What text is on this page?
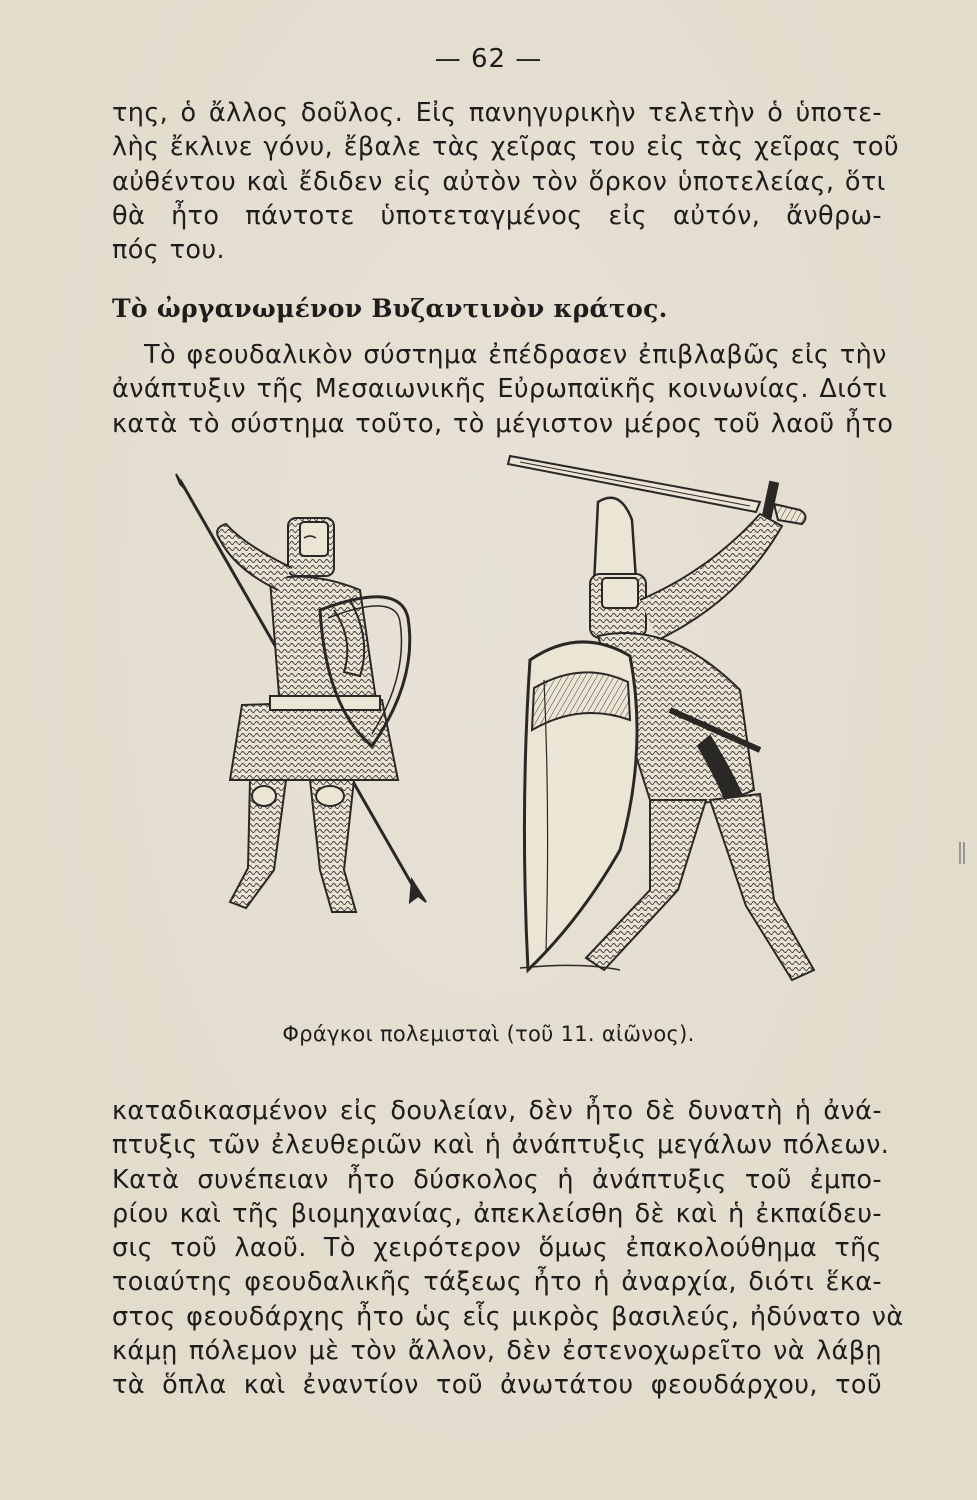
— 62 —
της, ὁ ἄλλος δοῦλος. Εἰς πανηγυρικὴν τελετὴν ὁ ὑποτε-
λὴς ἔκλινε γόνυ, ἔβαλε τὰς χεῖρας του εἰς τὰς χεῖρας τοῦ
αὐθέντου καὶ ἔδιδεν εἰς αὐτὸν τὸν ὅρκον ὑποτελείας, ὅτι
θὰ ἦτο πάντοτε ὑποτεταγμένος εἰς αὐτόν, ἄνθρω-
πός του.
Τὸ ὠργανωμένον Βυζαντινὸν κράτος.
Τὸ φεουδαλικὸν σύστημα ἐπέδρασεν ἐπιβλαβῶς εἰς τὴν
ἀνάπτυξιν τῆς Μεσαιωνικῆς Εὐρωπαϊκῆς κοινωνίας. Διότι
κατὰ τὸ σύστημα τοῦτο, τὸ μέγιστον μέρος τοῦ λαοῦ ἦτο
Φράγκοι πολεμισταὶ (τοῦ 11. αἰῶνος).
καταδικασμένον εἰς δουλείαν, δὲν ἦτο δὲ δυνατὴ ἡ ἀνά-
πτυξις τῶν ἐλευθεριῶν καὶ ἡ ἀνάπτυξις μεγάλων πόλεων.
Κατὰ συνέπειαν ἦτο δύσκολος ἡ ἀνάπτυξις τοῦ ἐμπο-
ρίου καὶ τῆς βιομηχανίας, ἀπεκλείσθη δὲ καὶ ἡ ἐκπαίδευ-
σις τοῦ λαοῦ. Τὸ χειρότερον ὅμως ἐπακολούθημα τῆς
τοιαύτης φεουδαλικῆς τάξεως ἦτο ἡ ἀναρχία, διότι ἕκα-
στος φεουδάρχης ἦτο ὡς εἷς μικρὸς βασιλεύς, ἠδύνατο νὰ
κάμῃ πόλεμον μὲ τὸν ἄλλον, δὲν ἐστενοχωρεῖτο νὰ λάβῃ
τὰ ὅπλα καὶ ἐναντίον τοῦ ἀνωτάτου φεουδάρχου, τοῦ
